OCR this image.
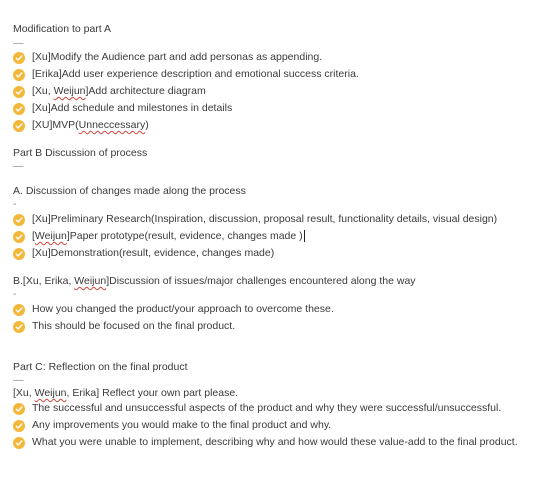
Modification to part A
—
[Xu]Modify the Audience part and add personas as appending.
[Erika]Add user experience description and emotional success criteria.
[Xu, Weijun]Add architecture diagram
[Xu]Add schedule and milestones in details
[XU]MVP(Unneccessary)
Part B Discussion of process
—
A. Discussion of changes made along the process
-
[Xu]Preliminary Research(Inspiration, discussion, proposal result, functionality details, visual design)
[Weijun]Paper prototype(result, evidence, changes made )
[Xu]Demonstration(result, evidence, changes made)
B.[Xu, Erika, Weijun]Discussion of issues/major challenges encountered along the way
-
How you changed the product/your approach to overcome these.
This should be focused on the final product.
Part C: Reflection on the final product
—
[Xu, Weijun, Erika] Reflect your own part please.
The successful and unsuccessful aspects of the product and why they were successful/unsuccessful.
Any improvements you would make to the final product and why.
What you were unable to implement, describing why and how would these value-add to the final product.
